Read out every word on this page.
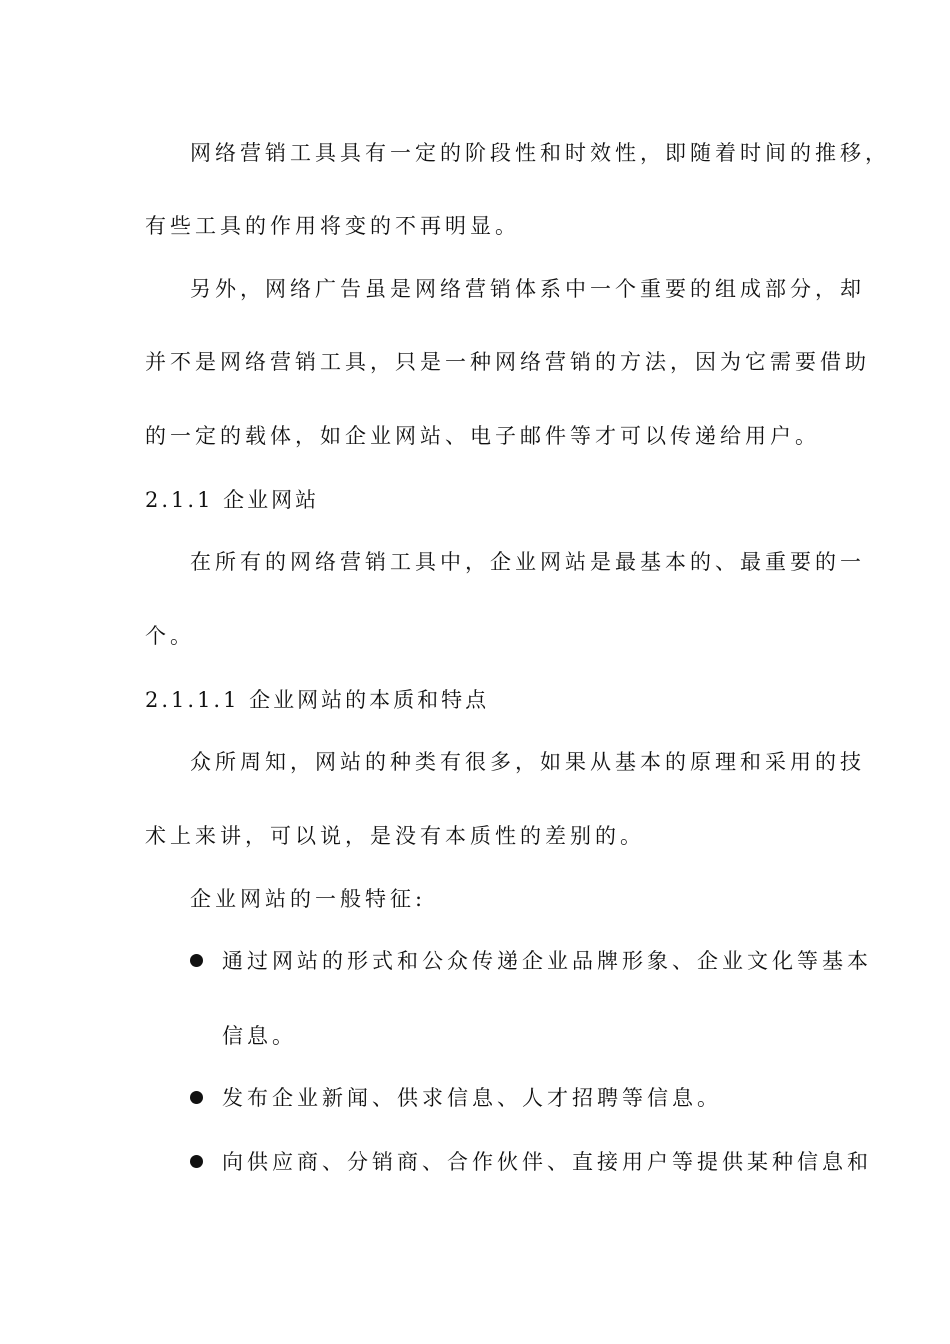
网络营销工具具有一定的阶段性和时效性，即随着时间的推移，
有些工具的作用将变的不再明显。
另外，网络广告虽是网络营销体系中一个重要的组成部分，却
并不是网络营销工具，只是一种网络营销的方法，因为它需要借助
的一定的载体，如企业网站、电子邮件等才可以传递给用户。
2.1.1 企业网站
在所有的网络营销工具中，企业网站是最基本的、最重要的一
个。
2.1.1.1 企业网站的本质和特点
众所周知，网站的种类有很多，如果从基本的原理和采用的技
术上来讲，可以说，是没有本质性的差别的。
企业网站的一般特征:
通过网站的形式和公众传递企业品牌形象、企业文化等基本
信息。
发布企业新闻、供求信息、人才招聘等信息。
向供应商、分销商、合作伙伴、直接用户等提供某种信息和
